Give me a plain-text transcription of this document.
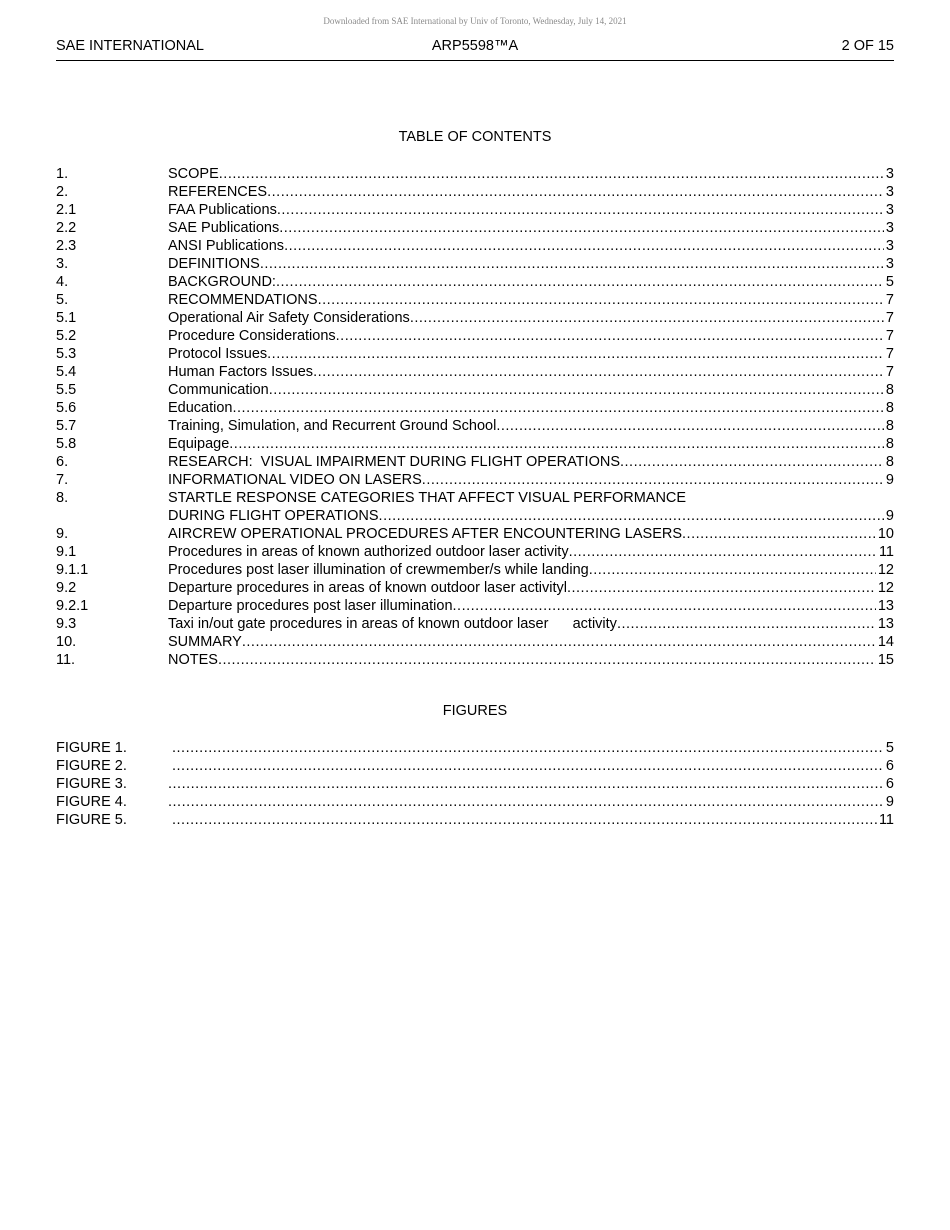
Downloaded from SAE International by Univ of Toronto, Wednesday, July 14, 2021
SAE INTERNATIONAL	ARP5598™A	2 OF 15
TABLE OF CONTENTS
1.	SCOPE .....	3
2.	REFERENCES .....	3
2.1	FAA Publications .....	3
2.2	SAE Publications .....	3
2.3	ANSI Publications .....	3
3.	DEFINITIONS .....	3
4.	BACKGROUND: .....	5
5.	RECOMMENDATIONS .....	7
5.1	Operational Air Safety Considerations .....	7
5.2	Procedure Considerations .....	7
5.3	Protocol Issues .....	7
5.4	Human Factors Issues .....	7
5.5	Communication .....	8
5.6	Education .....	8
5.7	Training, Simulation, and Recurrent Ground School .....	8
5.8	Equipage .....	8
6.	RESEARCH:  VISUAL IMPAIRMENT DURING FLIGHT OPERATIONS .....	8
7.	INFORMATIONAL VIDEO ON LASERS .....	9
8.	STARTLE RESPONSE CATEGORIES THAT AFFECT VISUAL PERFORMANCE
DURING FLIGHT OPERATIONS .....	9
9.	AIRCREW OPERATIONAL PROCEDURES AFTER ENCOUNTERING LASERS .....	10
9.1	Procedures in areas of known authorized outdoor laser activity .....	11
9.1.1	Procedures post laser illumination of crewmember/s while landing .....	12
9.2	Departure procedures in areas of known outdoor laser activityl .....	12
9.2.1	Departure procedures post laser illumination .....	13
9.3	Taxi in/out gate procedures in areas of known outdoor laser      activity .....	13
10.	SUMMARY .....	14
11.	NOTES .....	15
FIGURES
FIGURE 1. .....	5
FIGURE 2. .....	6
FIGURE 3. .....	6
FIGURE 4. .....	9
FIGURE 5. .....	11
